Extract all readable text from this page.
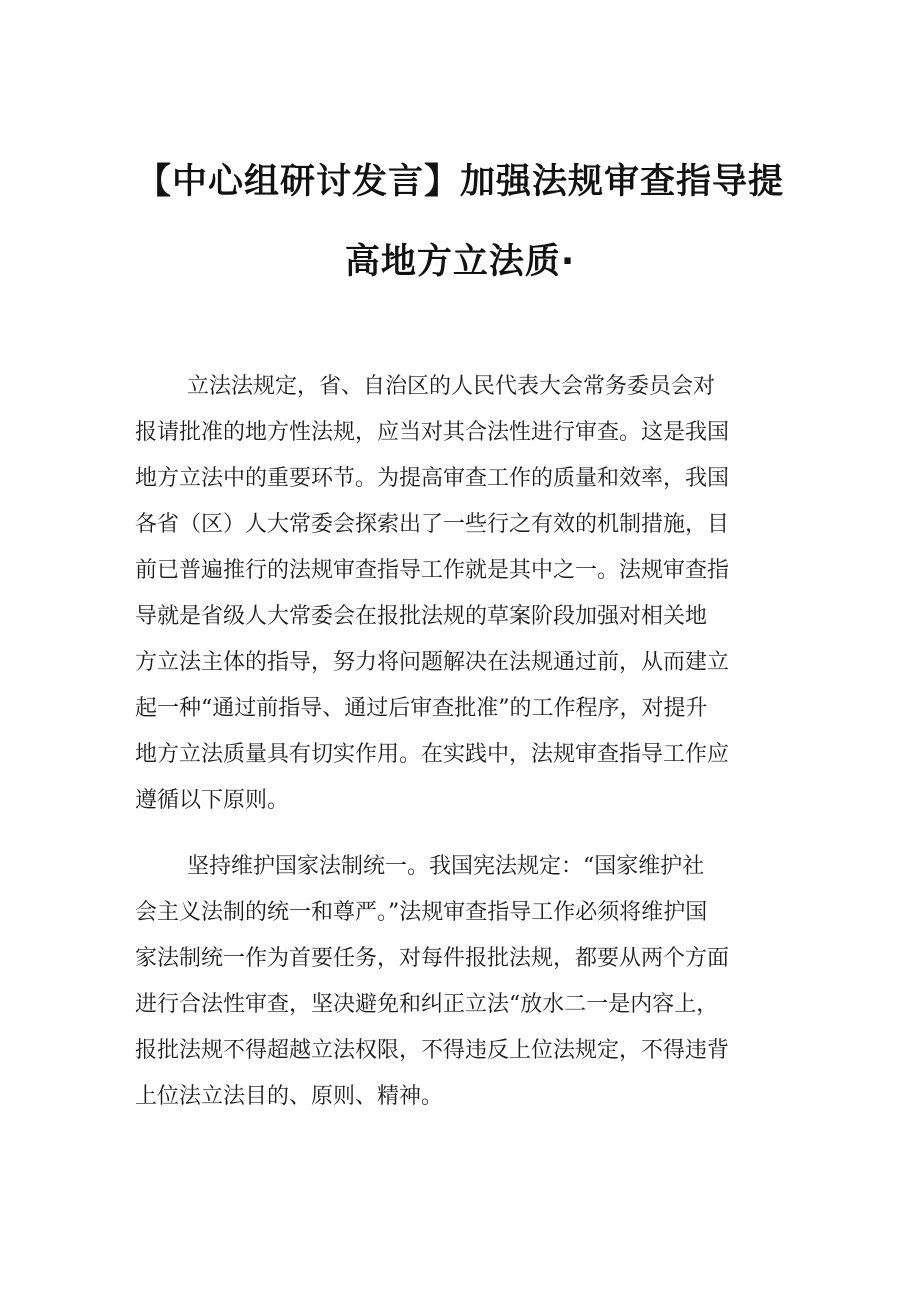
【中心组研讨发言】加强法规审查指导提
高地方立法质·
立法法规定，省、自治区的人民代表大会常务委员会对
报请批准的地方性法规，应当对其合法性进行审查。这是我国
地方立法中的重要环节。为提高审查工作的质量和效率，我国
各省（区）人大常委会探索出了一些行之有效的机制措施，目
前已普遍推行的法规审查指导工作就是其中之一。法规审查指
导就是省级人大常委会在报批法规的草案阶段加强对相关地
方立法主体的指导，努力将问题解决在法规通过前，从而建立
起一种“通过前指导、通过后审查批准”的工作程序，对提升
地方立法质量具有切实作用。在实践中，法规审查指导工作应
遵循以下原则。
坚持维护国家法制统一。我国宪法规定：“国家维护社
会主义法制的统一和尊严。”法规审查指导工作必须将维护国
家法制统一作为首要任务，对每件报批法规，都要从两个方面
进行合法性审查，坚决避免和纠正立法“放水二一是内容上，
报批法规不得超越立法权限，不得违反上位法规定，不得违背
上位法立法目的、原则、精神。
